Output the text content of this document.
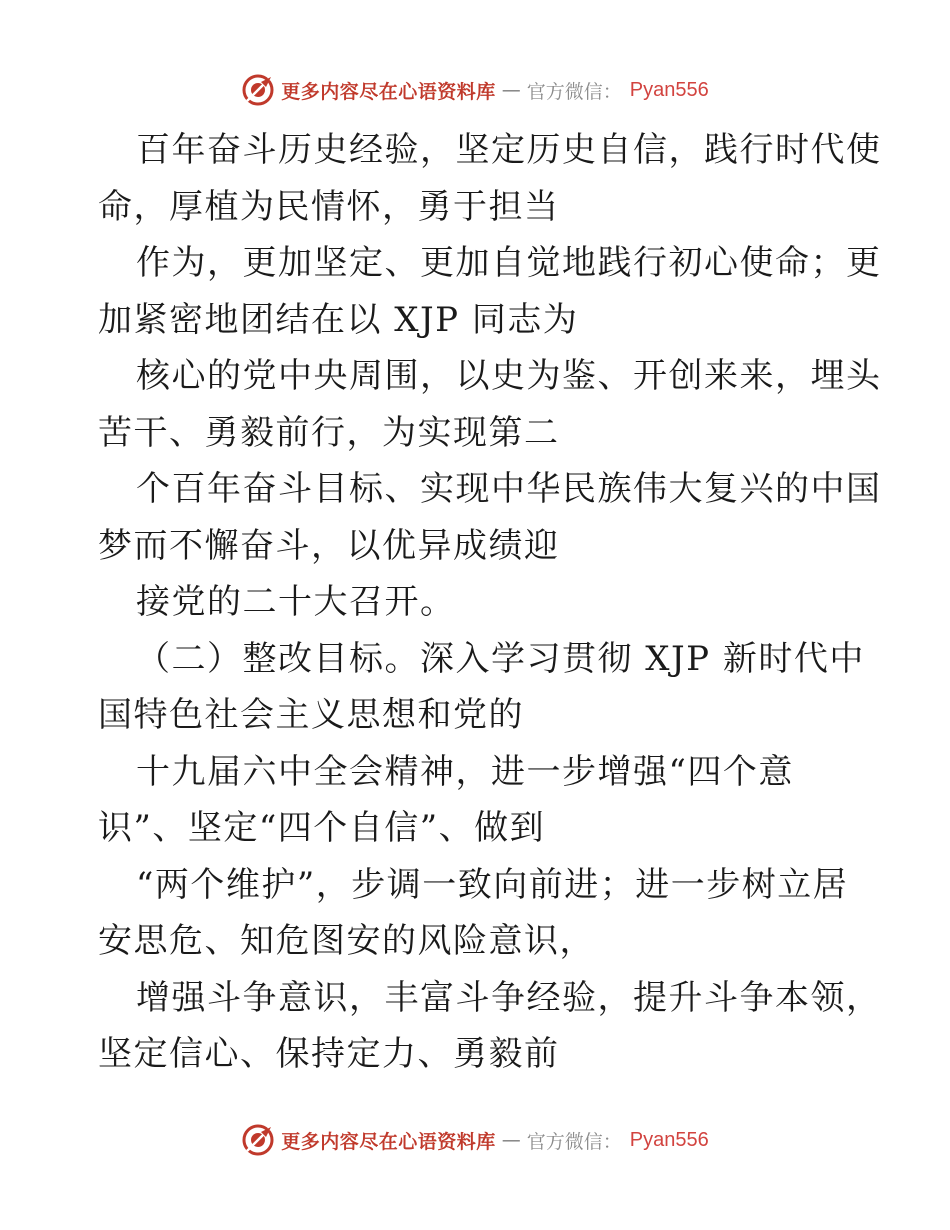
更多内容尽在心语资料库 — 官方微信： Pyan556
百年奋斗历史经验，坚定历史自信，践行时代使
命，厚植为民情怀，勇于担当
作为，更加坚定、更加自觉地践行初心使命；更
加紧密地团结在以 XJP 同志为
核心的党中央周围，以史为鉴、开创来来，埋头
苦干、勇毅前行，为实现第二
个百年奋斗目标、实现中华民族伟大复兴的中国
梦而不懈奋斗，以优异成绩迎
接党的二十大召开。
（二）整改目标。深入学习贯彻 XJP 新时代中
国特色社会主义思想和党的
十九届六中全会精神，进一步增强“四个意
识”、坚定“四个自信”、做到
“两个维护”，步调一致向前进；进一步树立居
安思危、知危图安的风险意识，
增强斗争意识，丰富斗争经验，提升斗争本领，
坚定信心、保持定力、勇毅前
更多内容尽在心语资料库 — 官方微信： Pyan556
